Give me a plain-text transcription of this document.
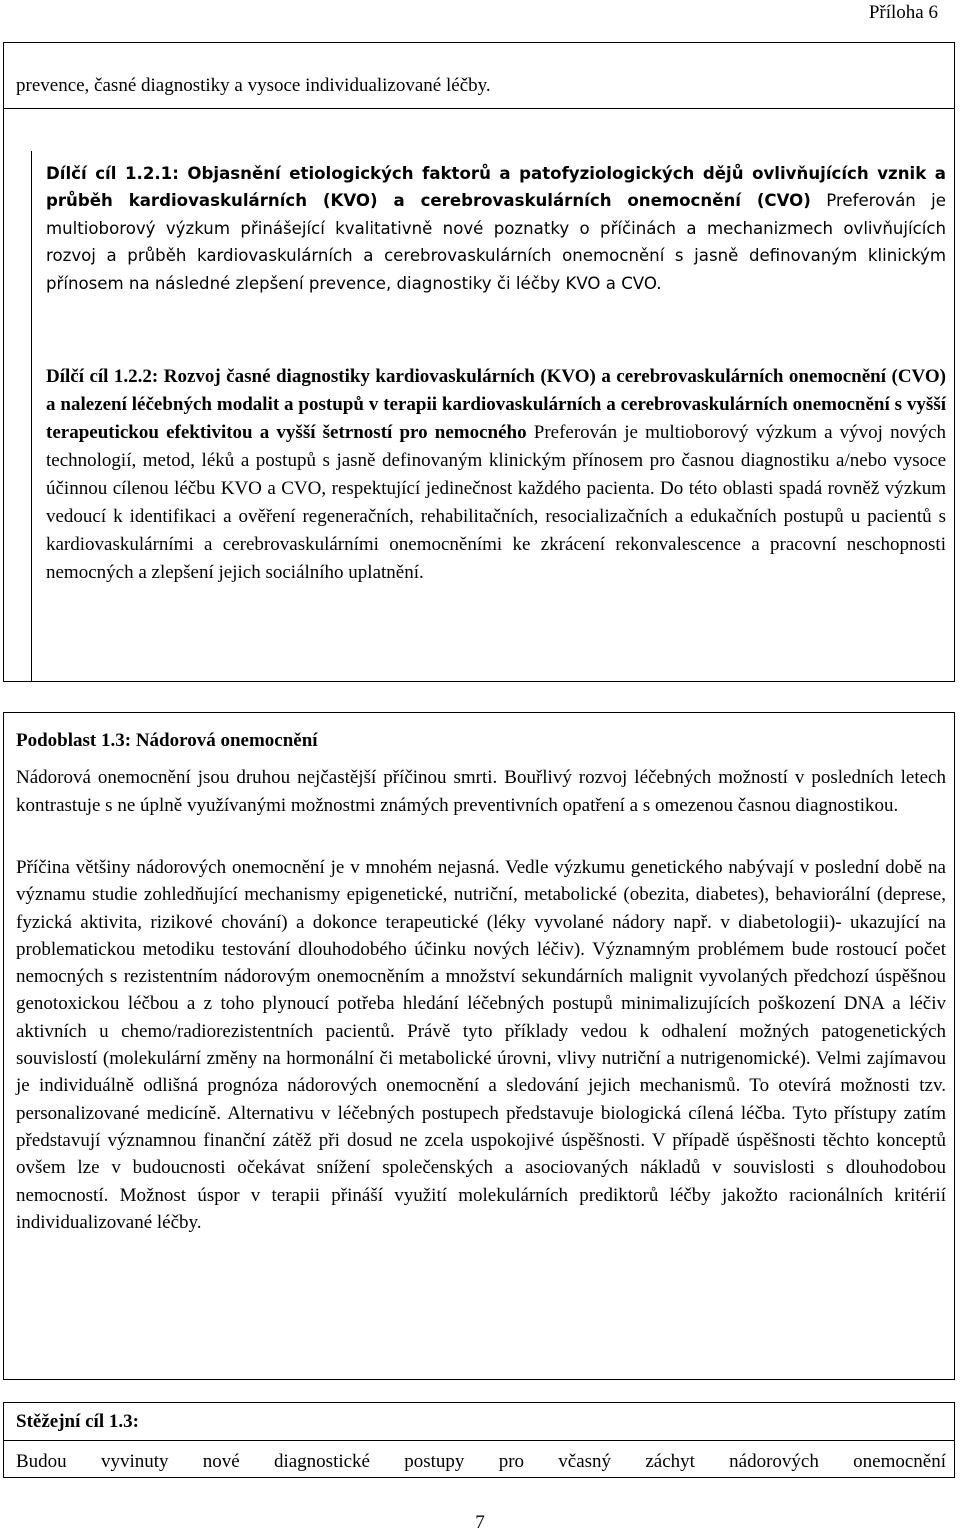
Příloha 6

prevence, časné diagnostiky a vysoce individualizované léčby.

Dílčí cíl 1.2.1: Objasnění etiologických faktorů a patofyziologických dějů ovlivňujících vznik a průběh kardiovaskulárních (KVO) a cerebrovaskulárních onemocnění (CVO) Preferován je multioborový výzkum přinášející kvalitativně nové poznatky o příčinách a mechanizmech ovlivňujících rozvoj a průběh kardiovaskulárních a cerebrovaskulárních onemocnění s jasně definovaným klinickým přínosem na následné zlepšení prevence, diagnostiky či léčby KVO a CVO.
Dílčí cíl 1.2.2: Rozvoj časné diagnostiky kardiovaskulárních (KVO) a cerebrovaskulárních onemocnění (CVO) a nalezení léčebných modalit a postupů v terapii kardiovaskulárních a cerebrovaskulárních onemocnění s vyšší terapeutickou efektivitou a vyšší šetrností pro nemocného Preferován je multioborový výzkum a vývoj nových technologií, metod, léků a postupů s jasně definovaným klinickým přínosem pro časnou diagnostiku a/nebo vysoce účinnou cílenou léčbu KVO a CVO, respektující jedinečnost každého pacienta. Do této oblasti spadá rovněž výzkum vedoucí k identifikaci a ověření regeneračních, rehabilitačních, resocializačních a edukačních postupů u pacientů s kardiovaskulárními a cerebrovaskulárními onemocněními ke zkrácení rekonvalescence a pracovní neschopnosti nemocných a zlepšení jejich sociálního uplatnění.
Podoblast 1.3: Nádorová onemocnění

Nádorová onemocnění jsou druhou nejčastější příčinou smrti. Bouřlivý rozvoj léčebných možností v posledních letech kontrastuje s ne úplně využívanými možnostmi známých preventivních opatření a s omezenou časnou diagnostikou.

Příčina většiny nádorových onemocnění je v mnohém nejasná. Vedle výzkumu genetického nabývají v poslední době na významu studie zohledňující mechanismy epigenetické, nutriční, metabolické (obezita, diabetes), behaviorální (deprese, fyzická aktivita, rizikové chování) a dokonce terapeutické (léky vyvolané nádory např. v diabetologii)- ukazující na problematickou metodiku testování dlouhodobého účinku nových léčiv). Významným problémem bude rostoucí počet nemocných s rezistentním nádorovým onemocněním a množství sekundárních malignit vyvolaných předchozí úspěšnou genotoxickou léčbou a z toho plynoucí potřeba hledání léčebných postupů minimalizujících poškození DNA a léčiv aktivních u chemo/radiorezistentních pacientů. Právě tyto příklady vedou k odhalení možných patogenetických souvislostí (molekulární změny na hormonální či metabolické úrovni, vlivy nutriční a nutrigenomické). Velmi zajímavou je individuálně odlišná prognóza nádorových onemocnění a sledování jejich mechanismů. To otevírá možnosti tzv. personalizované medicíně. Alternativu v léčebných postupech představuje biologická cílená léčba. Tyto přístupy zatím představují významnou finanční zátěž při dosud ne zcela uspokojivé úspěšnosti. V případě úspěšnosti těchto konceptů ovšem lze v budoucnosti očekávat snížení společenských a asociovaných nákladů v souvislosti s dlouhodobou nemocností. Možnost úspor v terapii přináší využití molekulárních prediktorů léčby jakožto racionálních kritérií individualizované léčby.

Stěžejní cíl 1.3:
Budou vyvinuty nové diagnostické postupy pro včasný záchyt nádorových onemocnění
7
